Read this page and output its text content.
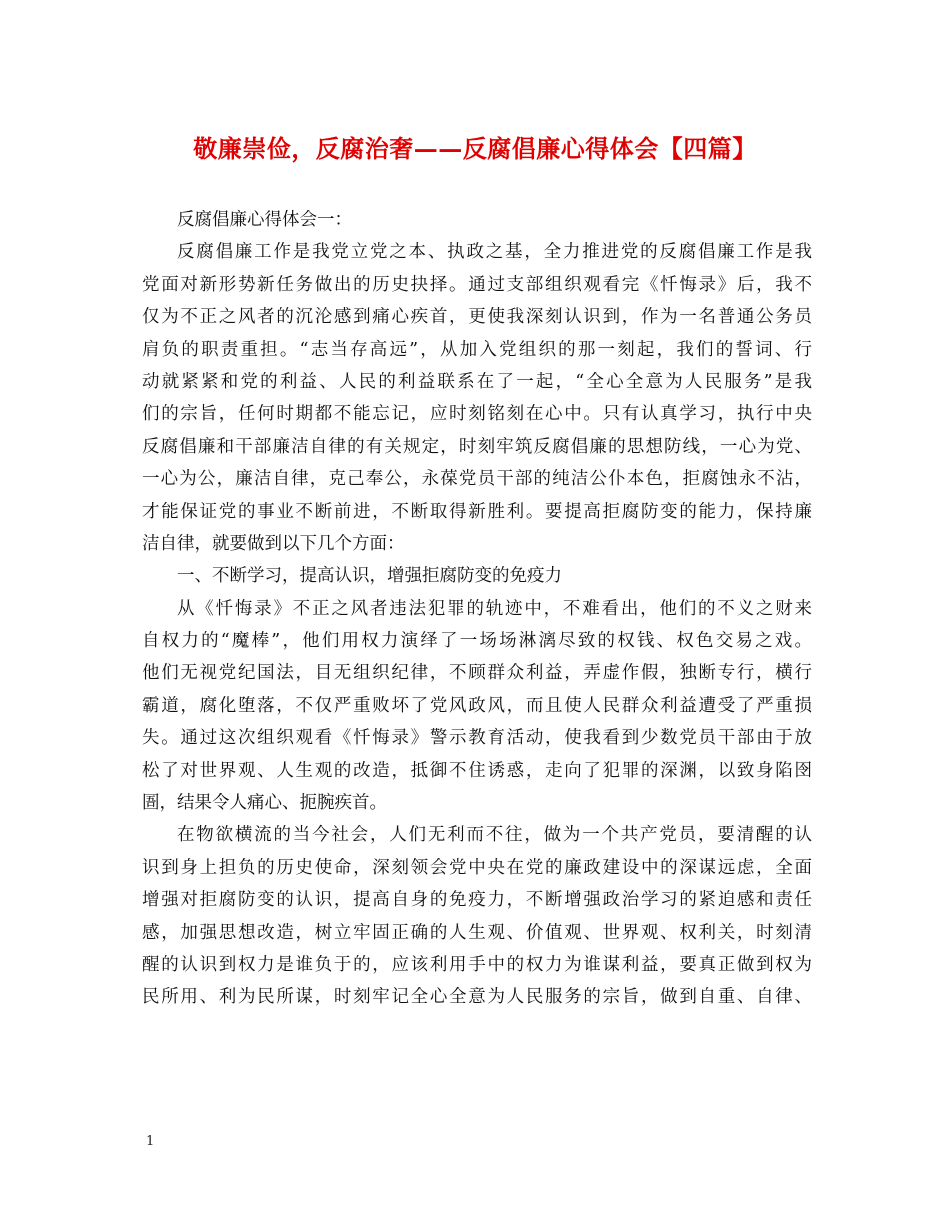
敬廉崇俭，反腐治奢——反腐倡廉心得体会【四篇】
反腐倡廉心得体会一：
反腐倡廉工作是我党立党之本、执政之基，全力推进党的反腐倡廉工作是我
党面对新形势新任务做出的历史抉择。通过支部组织观看完《忏悔录》后，我不
仅为不正之风者的沉沦感到痛心疾首，更使我深刻认识到，作为一名普通公务员
肩负的职责重担。“志当存高远”，从加入党组织的那一刻起，我们的誓词、行
动就紧紧和党的利益、人民的利益联系在了一起，“全心全意为人民服务”是我
们的宗旨，任何时期都不能忘记，应时刻铭刻在心中。只有认真学习，执行中央
反腐倡廉和干部廉洁自律的有关规定，时刻牢筑反腐倡廉的思想防线，一心为党、
一心为公，廉洁自律，克己奉公，永葆党员干部的纯洁公仆本色，拒腐蚀永不沾，
才能保证党的事业不断前进，不断取得新胜利。要提高拒腐防变的能力，保持廉
洁自律，就要做到以下几个方面：
一、不断学习，提高认识，增强拒腐防变的免疫力
从《忏悔录》不正之风者违法犯罪的轨迹中，不难看出，他们的不义之财来
自权力的“魔棒”，他们用权力演绎了一场场淋漓尽致的权钱、权色交易之戏。
他们无视党纪国法，目无组织纪律，不顾群众利益，弄虚作假，独断专行，横行
霸道，腐化堕落，不仅严重败坏了党风政风，而且使人民群众利益遭受了严重损
失。通过这次组织观看《忏悔录》警示教育活动，使我看到少数党员干部由于放
松了对世界观、人生观的改造，抵御不住诱惑，走向了犯罪的深渊，以致身陷囹
圄，结果令人痛心、扼腕疾首。
在物欲横流的当今社会，人们无利而不往，做为一个共产党员，要清醒的认
识到身上担负的历史使命，深刻领会党中央在党的廉政建设中的深谋远虑，全面
增强对拒腐防变的认识，提高自身的免疫力，不断增强政治学习的紧迫感和责任
感，加强思想改造，树立牢固正确的人生观、价值观、世界观、权利关，时刻清
醒的认识到权力是谁负于的，应该利用手中的权力为谁谋利益，要真正做到权为
民所用、利为民所谋，时刻牢记全心全意为人民服务的宗旨，做到自重、自律、
1
